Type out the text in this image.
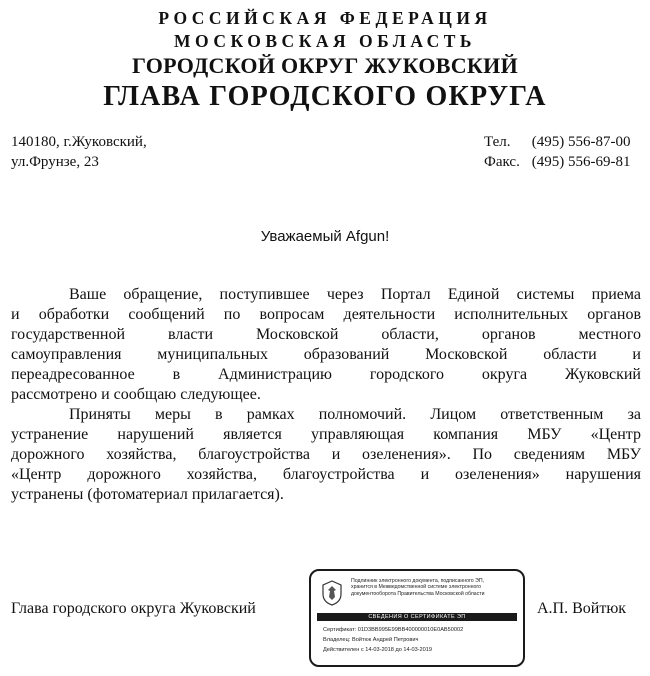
РОССИЙСКАЯ ФЕДЕРАЦИЯ
МОСКОВСКАЯ ОБЛАСТЬ
ГОРОДСКОЙ ОКРУГ ЖУКОВСКИЙ
ГЛАВА ГОРОДСКОГО ОКРУГА
140180, г.Жуковский,
ул.Фрунзе, 23
Тел. (495) 556-87-00
Факс. (495) 556-69-81
Уважаемый Afgun!
Ваше обращение, поступившее через Портал Единой системы приема
и обработки сообщений по вопросам деятельности исполнительных органов
государственной власти Московской области, органов местного
самоуправления муниципальных образований Московской области и
переадресованное в Администрацию городского округа Жуковский
рассмотрено и сообщаю следующее.
Приняты меры в рамках полномочий. Лицом ответственным за
устранение нарушений является управляющая компания МБУ «Центр
дорожного хозяйства, благоустройства и озеленения». По сведениям МБУ
«Центр дорожного хозяйства, благоустройства и озеленения» нарушения
устранены (фотоматериал прилагается).
Глава городского округа Жуковский	А.П. Войтюк
Подлинник электронного документа, подписанного ЭП,
хранится в Межведомственной системе электронного
документооборота Правительства Московской области
СВЕДЕНИЯ О СЕРТИФИКАТЕ ЭП
Сертификат: 01D3BB995E99BB400000010E0AB50002
Владелец: Войтюк Андрей Петрович
Действителен с 14-03-2018 до 14-03-2019
